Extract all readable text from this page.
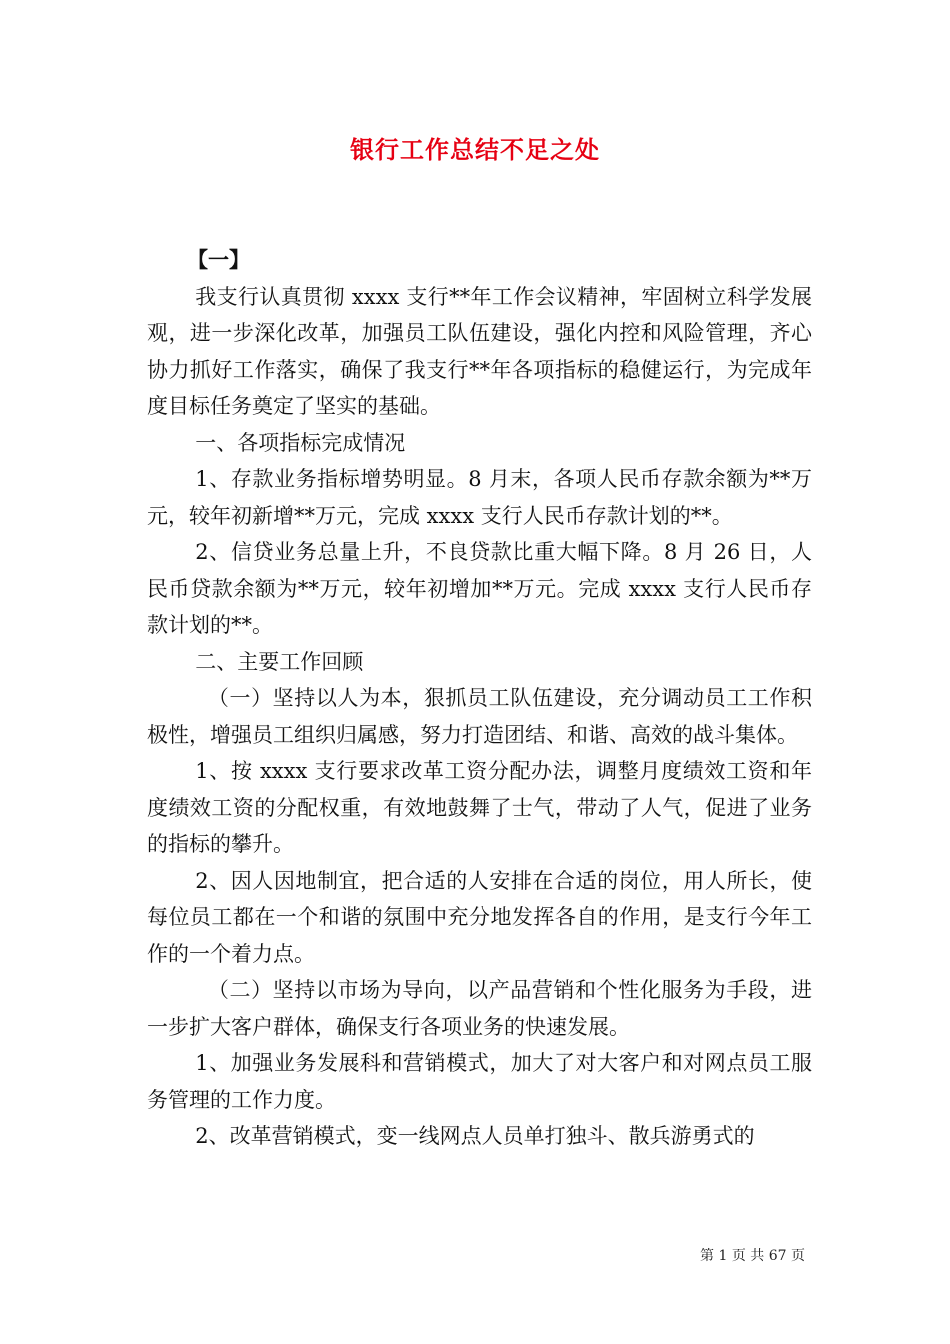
银行工作总结不足之处

【一】

我支行认真贯彻 xxxx 支行**年工作会议精神，牢固树立科学发展观，进一步深化改革，加强员工队伍建设，强化内控和风险管理，齐心协力抓好工作落实，确保了我支行**年各项指标的稳健运行，为完成年度目标任务奠定了坚实的基础。

一、各项指标完成情况

1、存款业务指标增势明显。8 月末，各项人民币存款余额为**万元，较年初新增**万元，完成 xxxx 支行人民币存款计划的**。

2、信贷业务总量上升，不良贷款比重大幅下降。8 月 26 日，人民币贷款余额为**万元，较年初增加**万元。完成 xxxx 支行人民币存款计划的**。

二、主要工作回顾

（一）坚持以人为本，狠抓员工队伍建设，充分调动员工工作积极性，增强员工组织归属感，努力打造团结、和谐、高效的战斗集体。

1、按 xxxx 支行要求改革工资分配办法，调整月度绩效工资和年度绩效工资的分配权重，有效地鼓舞了士气，带动了人气，促进了业务的指标的攀升。

2、因人因地制宜，把合适的人安排在合适的岗位，用人所长，使每位员工都在一个和谐的氛围中充分地发挥各自的作用，是支行今年工作的一个着力点。

（二）坚持以市场为导向，以产品营销和个性化服务为手段，进一步扩大客户群体，确保支行各项业务的快速发展。

1、加强业务发展科和营销模式，加大了对大客户和对网点员工服务管理的工作力度。

2、改革营销模式，变一线网点人员单打独斗、散兵游勇式的

第 1 页 共 67 页
